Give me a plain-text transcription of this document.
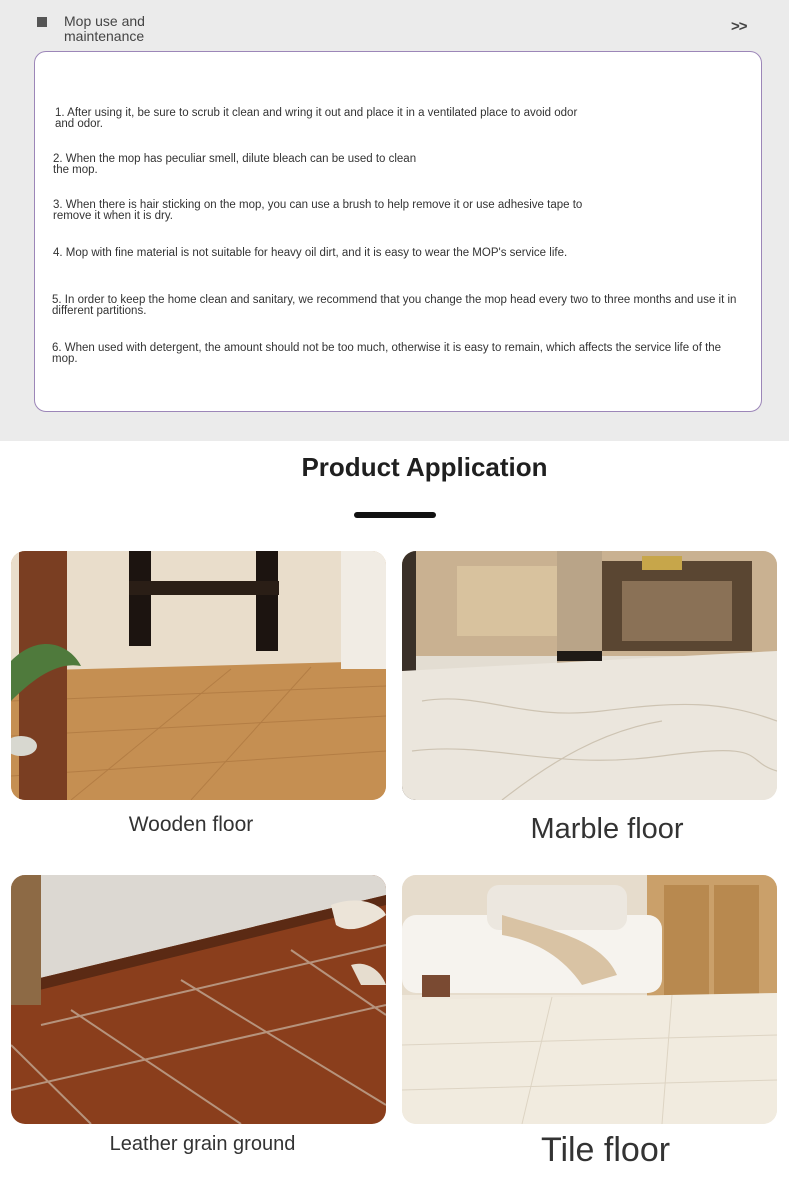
Mop use and maintenance
>>

1. After using it, be sure to scrub it clean and wring it out and place it in a ventilated place to avoid odor and odor.

2. When the mop has peculiar smell, dilute bleach can be used to clean the mop.

3. When there is hair sticking on the mop, you can use a brush to help remove it or use adhesive tape to remove it when it is dry.

4. Mop with fine material is not suitable for heavy oil dirt, and it is easy to wear the MOP's service life.

5. In order to keep the home clean and sanitary, we recommend that you change the mop head every two to three months and use it in different partitions.

6. When used with detergent, the amount should not be too much, otherwise it is easy to remain, which affects the service life of the mop.

Product Application
Wooden floor	Marble floor
Leather grain ground	Tile floor
